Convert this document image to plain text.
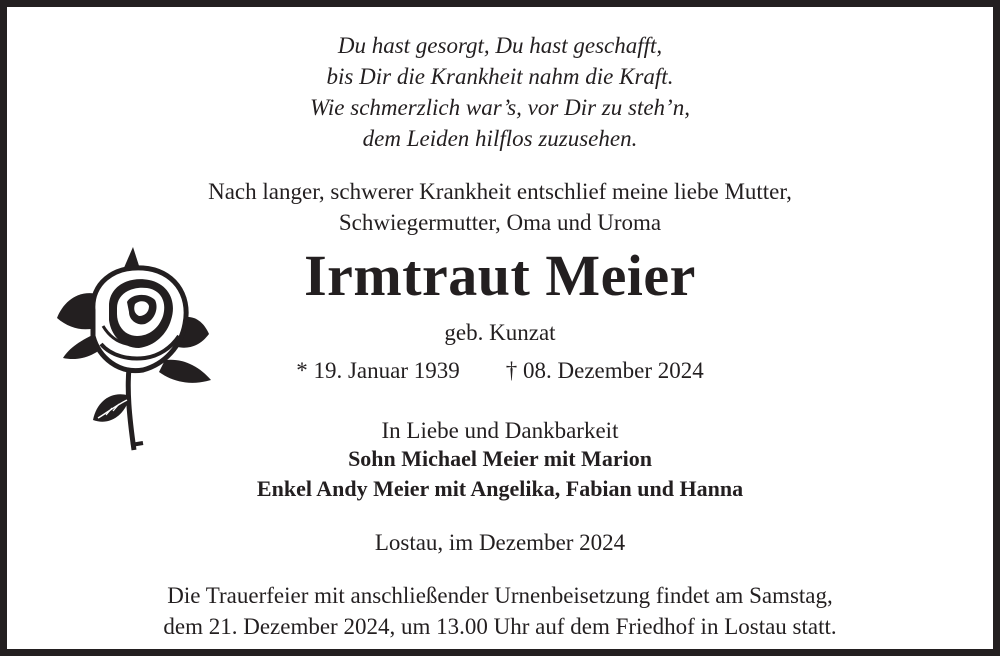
Du hast gesorgt, Du hast geschafft,
bis Dir die Krankheit nahm die Kraft.
Wie schmerzlich war’s, vor Dir zu steh’n,
dem Leiden hilflos zuzusehen.
Nach langer, schwerer Krankheit entschlief meine liebe Mutter,
Schwiegermutter, Oma und Uroma
Irmtraut Meier
geb. Kunzat
* 19. Januar 1939 † 08. Dezember 2024
In Liebe und Dankbarkeit
Sohn Michael Meier mit Marion
Enkel Andy Meier mit Angelika, Fabian und Hanna
Lostau, im Dezember 2024
Die Trauerfeier mit anschließender Urnenbeisetzung findet am Samstag,
dem 21. Dezember 2024, um 13.00 Uhr auf dem Friedhof in Lostau statt.
